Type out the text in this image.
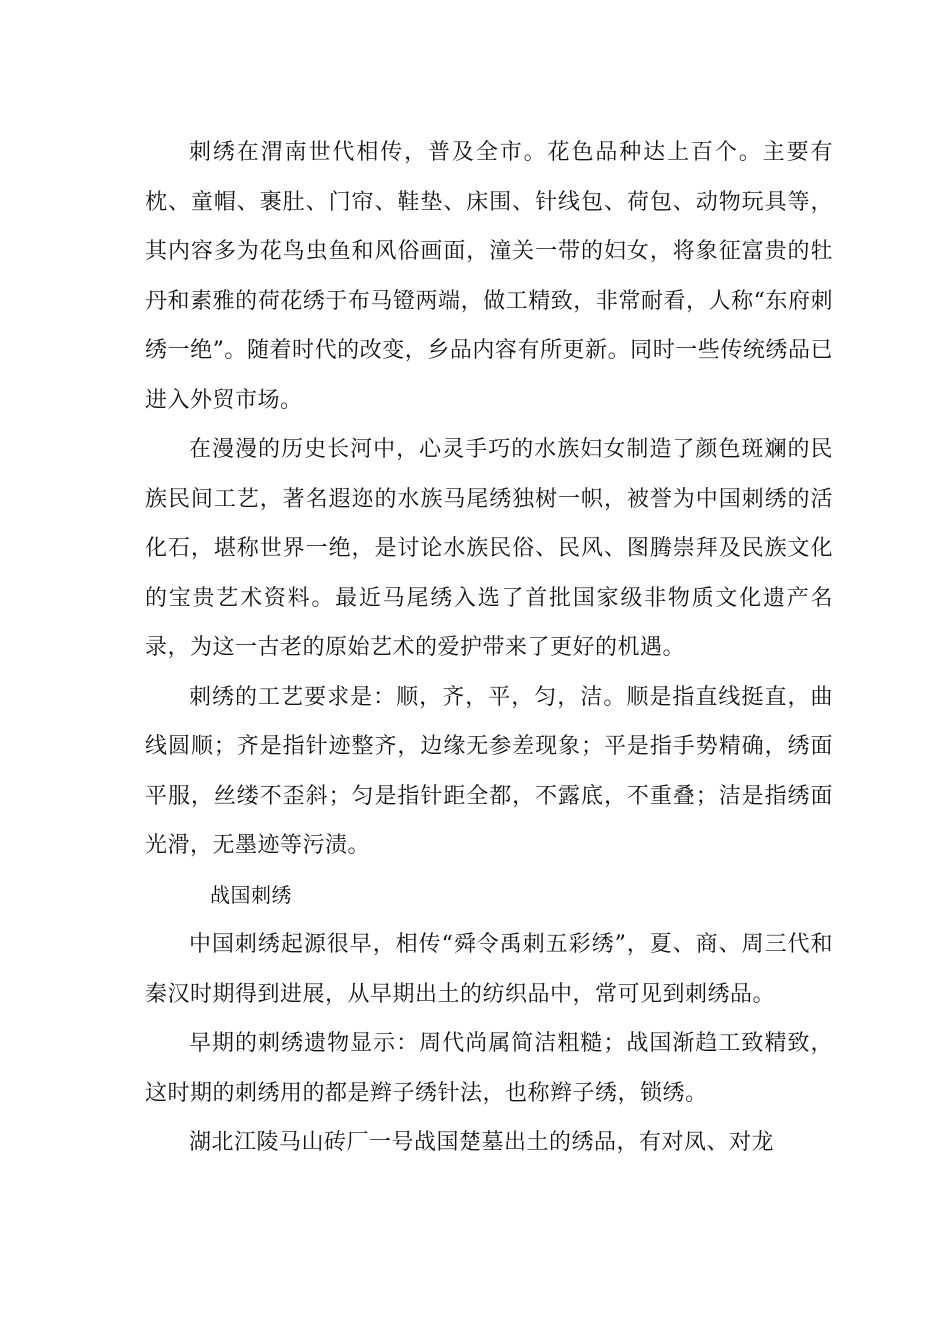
刺绣在渭南世代相传，普及全市。花色品种达上百个。主要有枕、童帽、裹肚、门帘、鞋垫、床围、针线包、荷包、动物玩具等，其内容多为花鸟虫鱼和风俗画面，潼关一带的妇女，将象征富贵的牡丹和素雅的荷花绣于布马镫两端，做工精致，非常耐看，人称“东府刺绣一绝”。随着时代的改变，乡品内容有所更新。同时一些传统绣品已进入外贸市场。

在漫漫的历史长河中，心灵手巧的水族妇女制造了颜色斑斓的民族民间工艺，著名遐迩的水族马尾绣独树一帜，被誉为中国刺绣的活化石，堪称世界一绝，是讨论水族民俗、民风、图腾崇拜及民族文化的宝贵艺术资料。最近马尾绣入选了首批国家级非物质文化遗产名录，为这一古老的原始艺术的爱护带来了更好的机遇。

刺绣的工艺要求是：顺，齐，平，匀，洁。顺是指直线挺直，曲线圆顺；齐是指针迹整齐，边缘无参差现象；平是指手势精确，绣面平服，丝缕不歪斜；匀是指针距全都，不露底，不重叠；洁是指绣面光滑，无墨迹等污渍。

战国刺绣

中国刺绣起源很早，相传“舜令禹刺五彩绣”，夏、商、周三代和秦汉时期得到进展，从早期出土的纺织品中，常可见到刺绣品。

早期的刺绣遗物显示：周代尚属简洁粗糙；战国渐趋工致精致，这时期的刺绣用的都是辫子绣针法，也称辫子绣，锁绣。

湖北江陵马山砖厂一号战国楚墓出土的绣品，有对凤、对龙
